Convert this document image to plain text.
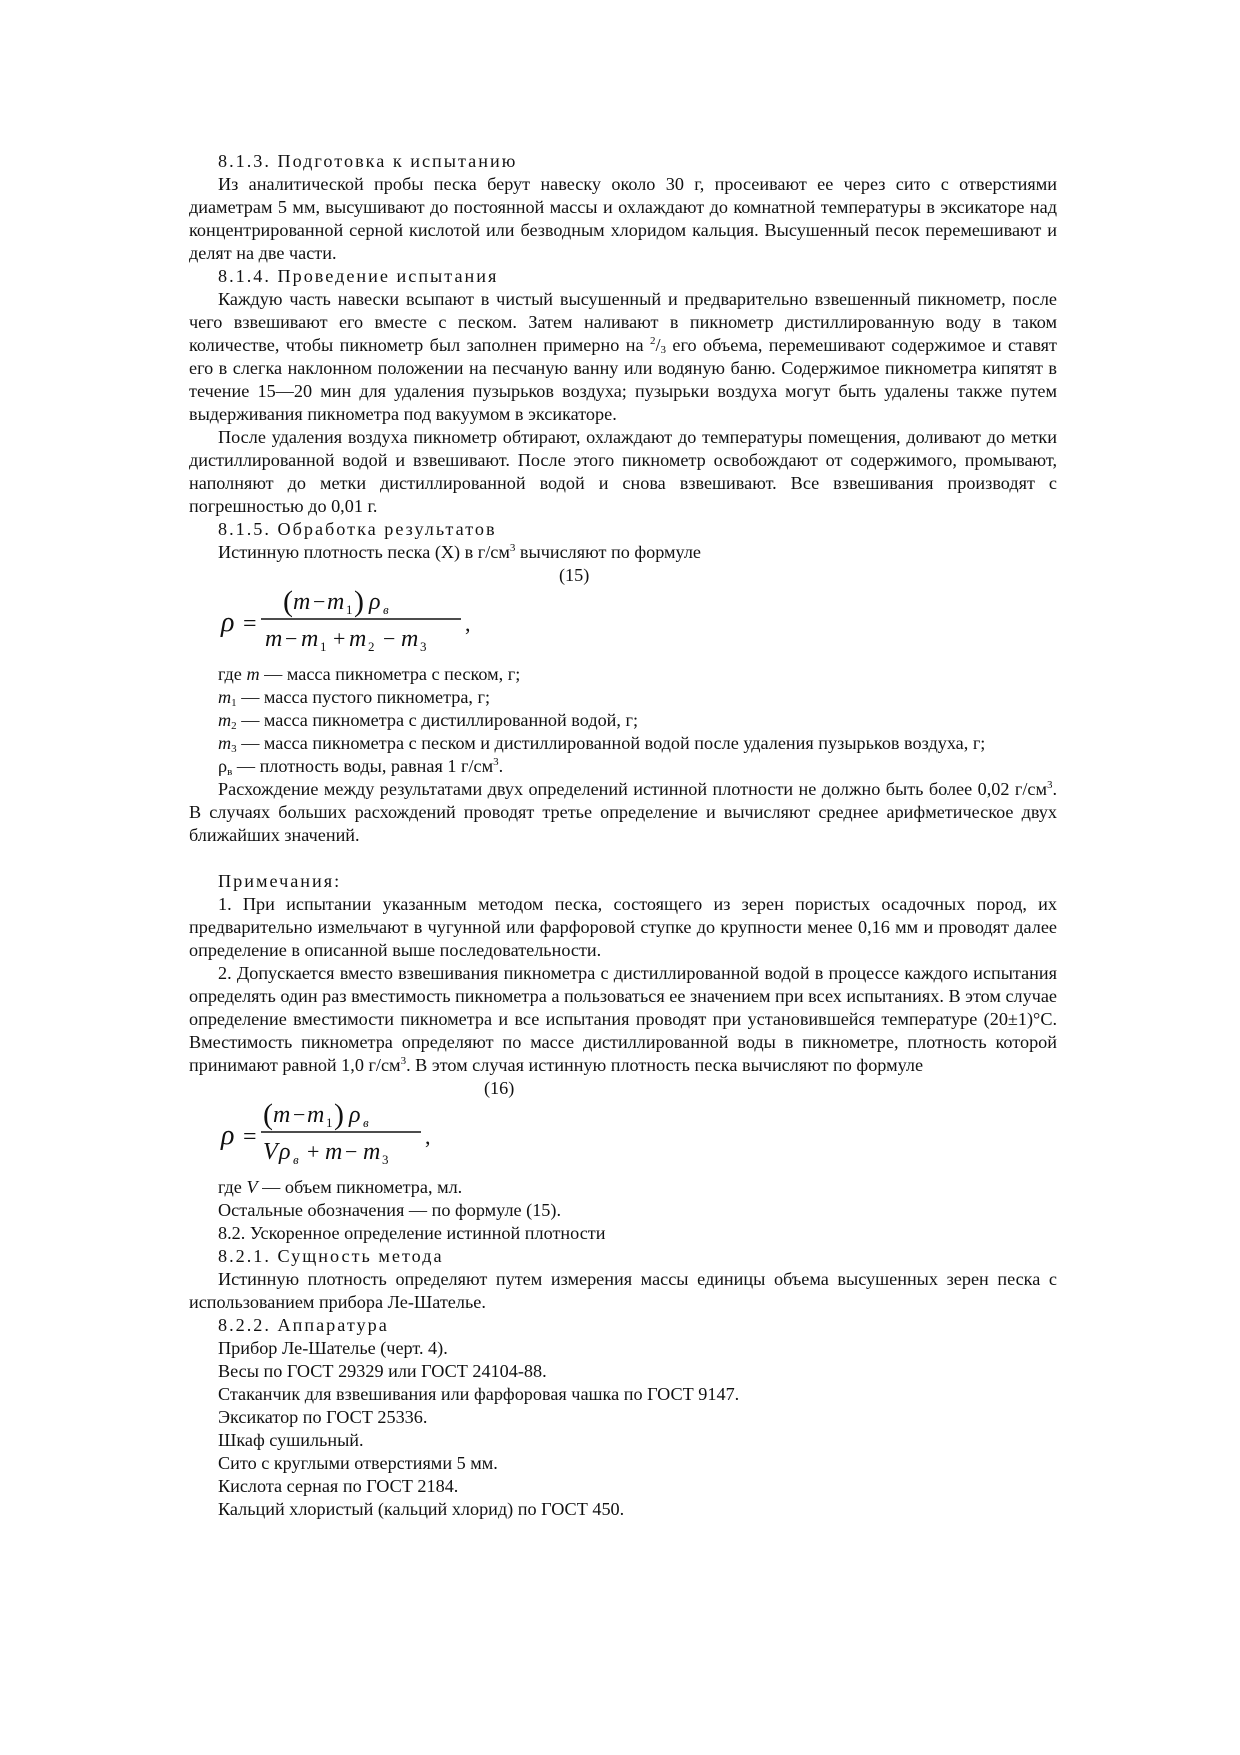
8.1.3. Подготовка к испытанию

Из аналитической пробы песка берут навеску около 30 г, просеивают ее через сито с отверстиями диаметрам 5 мм, высушивают до постоянной массы и охлаждают до комнатной температуры в эксикаторе над концентрированной серной кислотой или безводным хлоридом кальция. Высушенный песок перемешивают и делят на две части.

8.1.4. Проведение испытания

Каждую часть навески всыпают в чистый высушенный и предварительно взвешенный пикнометр, после чего взвешивают его вместе с песком. Затем наливают в пикнометр дистиллированную воду в таком количестве, чтобы пикнометр был заполнен примерно на $^2$/3 его объема, перемешивают содержимое и ставят его в слегка наклонном положении на песчаную ванну или водяную баню. Содержимое пикнометра кипятят в течение 15—20 мин для удаления пузырьков воздуха; пузырьки воздуха могут быть удалены также путем выдерживания пикнометра под вакуумом в эксикаторе.

После удаления воздуха пикнометр обтирают, охлаждают до температуры помещения, доливают до метки дистиллированной водой и взвешивают. После этого пикнометр освобождают от содержимого, промывают, наполняют до метки дистиллированной водой и снова взвешивают. Все взвешивания производят с погрешностью до 0,01 г.

8.1.5. Обработка результатов

Истинную плотность песка (X) в $г/см^3$ вычисляют по формуле

(15)

ρ =
( m − m 1 ) ρ в
m − m 1 + m 2 − m 3
,

где m — масса пикнометра с песком, г;

$m_1$ — масса пустого пикнометра, г;

$m_2$ — масса пикнометра с дистиллированной водой, г;

$m_3$ — масса пикнометра с песком и дистиллированной водой после удаления пузырьков воздуха, г;

$\rho_в$ — плотность воды, равная 1 $г/см^3$.

Расхождение между результатами двух определений истинной плотности не должно быть более 0,02 $г/см^3$. В случаях больших расхождений проводят третье определение и вычисляют среднее арифметическое двух ближайших значений.

Примечания:

1. При испытании указанным методом песка, состоящего из зерен пористых осадочных пород, их предварительно измельчают в чугунной или фарфоровой ступке до крупности менее 0,16 мм и проводят далее определение в описанной выше последовательности.

2. Допускается вместо взвешивания пикнометра с дистиллированной водой в процессе каждого испытания определять один раз вместимость пикнометра а пользоваться ее значением при всех испытаниях. В этом случае определение вместимости пикнометра и все испытания проводят при установившейся температуре (20±1)°С. Вместимость пикнометра определяют по массе дистиллированной воды в пикнометре, плотность которой принимают равной 1,0 $г/см^3$. В этом случая истинную плотность песка вычисляют по формуле

(16)

ρ =
( m − m 1 ) ρ в
V ρ в + m − m 3
,

где V — объем пикнометра, мл.

Остальные обозначения — по формуле (15).

8.2. Ускоренное определение истинной плотности

8.2.1. Сущность метода

Истинную плотность определяют путем измерения массы единицы объема высушенных зерен песка с использованием прибора Ле-Шателье.

8.2.2. Аппаратура

Прибор Ле-Шателье (черт. 4).

Весы по ГОСТ 29329 или ГОСТ 24104-88.

Стаканчик для взвешивания или фарфоровая чашка по ГОСТ 9147.

Эксикатор по ГОСТ 25336.

Шкаф сушильный.

Сито с круглыми отверстиями 5 мм.

Кислота серная по ГОСТ 2184.

Кальций хлористый (кальций хлорид) по ГОСТ 450.
